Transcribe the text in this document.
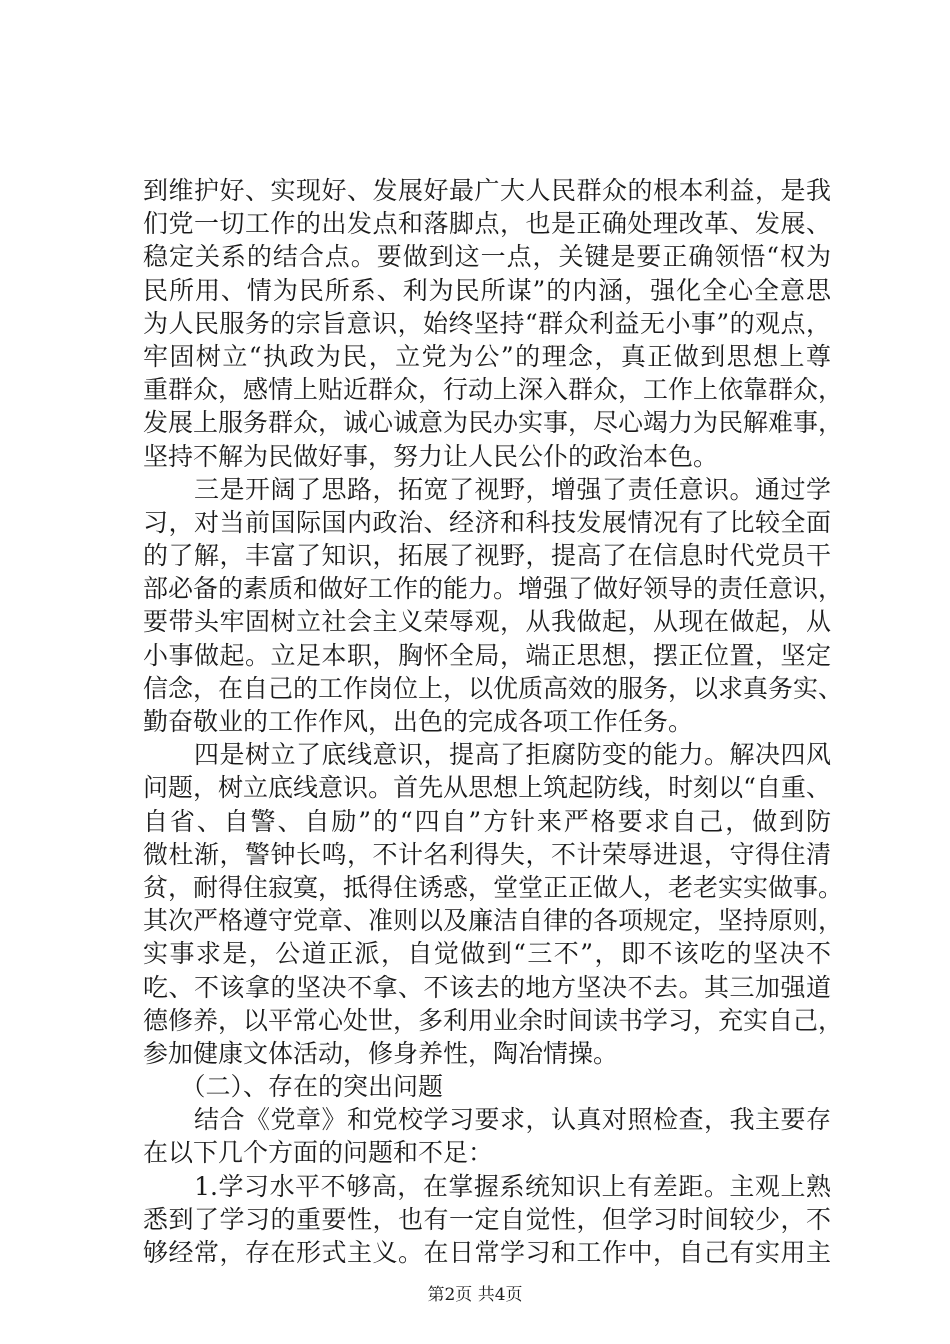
到维护好、实现好、发展好最广大人民群众的根本利益，是我
们党一切工作的出发点和落脚点，也是正确处理改革、发展、
稳定关系的结合点。要做到这一点，关键是要正确领悟“权为
民所用、情为民所系、利为民所谋”的内涵，强化全心全意思
为人民服务的宗旨意识，始终坚持“群众利益无小事”的观点，
牢固树立“执政为民，立党为公”的理念，真正做到思想上尊
重群众，感情上贴近群众，行动上深入群众，工作上依靠群众，
发展上服务群众，诚心诚意为民办实事，尽心竭力为民解难事，
坚持不解为民做好事，努力让人民公仆的政治本色。
　　三是开阔了思路，拓宽了视野，增强了责任意识。通过学
习，对当前国际国内政治、经济和科技发展情况有了比较全面
的了解，丰富了知识，拓展了视野，提高了在信息时代党员干
部必备的素质和做好工作的能力。增强了做好领导的责任意识，
要带头牢固树立社会主义荣辱观，从我做起，从现在做起，从
小事做起。立足本职，胸怀全局，端正思想，摆正位置，坚定
信念，在自己的工作岗位上，以优质高效的服务，以求真务实、
勤奋敬业的工作作风，出色的完成各项工作任务。
　　四是树立了底线意识，提高了拒腐防变的能力。解决四风
问题，树立底线意识。首先从思想上筑起防线，时刻以“自重、
自省、自警、自励”的“四自”方针来严格要求自己，做到防
微杜渐，警钟长鸣，不计名利得失，不计荣辱进退，守得住清
贫，耐得住寂寞，抵得住诱惑，堂堂正正做人，老老实实做事。
其次严格遵守党章、准则以及廉洁自律的各项规定，坚持原则，
实事求是，公道正派，自觉做到“三不”，即不该吃的坚决不
吃、不该拿的坚决不拿、不该去的地方坚决不去。其三加强道
德修养，以平常心处世，多利用业余时间读书学习，充实自己，
参加健康文体活动，修身养性，陶冶情操。
　　（二）、存在的突出问题
　　结合《党章》和党校学习要求，认真对照检查，我主要存
在以下几个方面的问题和不足：
　　1.学习水平不够高，在掌握系统知识上有差距。主观上熟
悉到了学习的重要性，也有一定自觉性，但学习时间较少，不
够经常，存在形式主义。在日常学习和工作中，自己有实用主
第2页 共4页
